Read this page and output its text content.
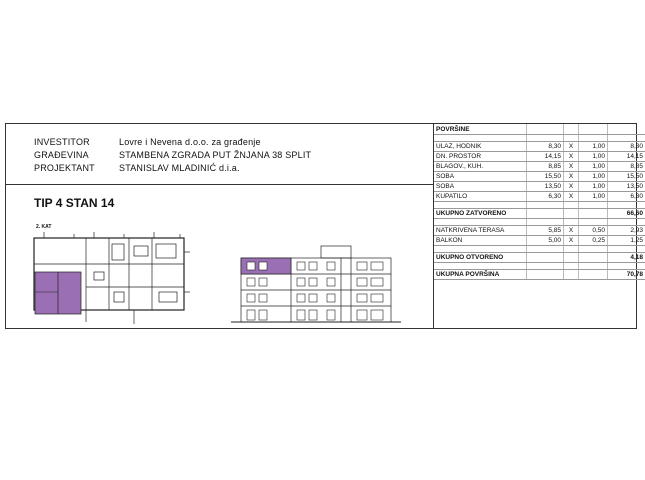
INVESTITOR	Lovre i Nevena d.o.o. za građenje
GRAĐEVINA	STAMBENA ZGRADA PUT ŽNJANA 38 SPLIT
PROJEKTANT	STANISLAV MLADINIĆ d.i.a.
TIP 4 STAN 14
2. KAT
POVRŠINE				

ULAZ, HODNIK	8,30	X	1,00	8,30
DN. PROSTOR	14,15	X	1,00	14,15
BLAGOV., KUH.	8,85	X	1,00	8,85
SOBA	15,50	X	1,00	15,50
SOBA	13,50	X	1,00	13,50
KUPATILO	6,30	X	1,00	6,30

UKUPNO ZATVORENO				66,60

NATKRIVENA TERASA	5,85	X	0,50	2,93
BALKON	5,00	X	0,25	1,25

UKUPNO OTVORENO				4,18

UKUPNA POVRŠINA				70,78
